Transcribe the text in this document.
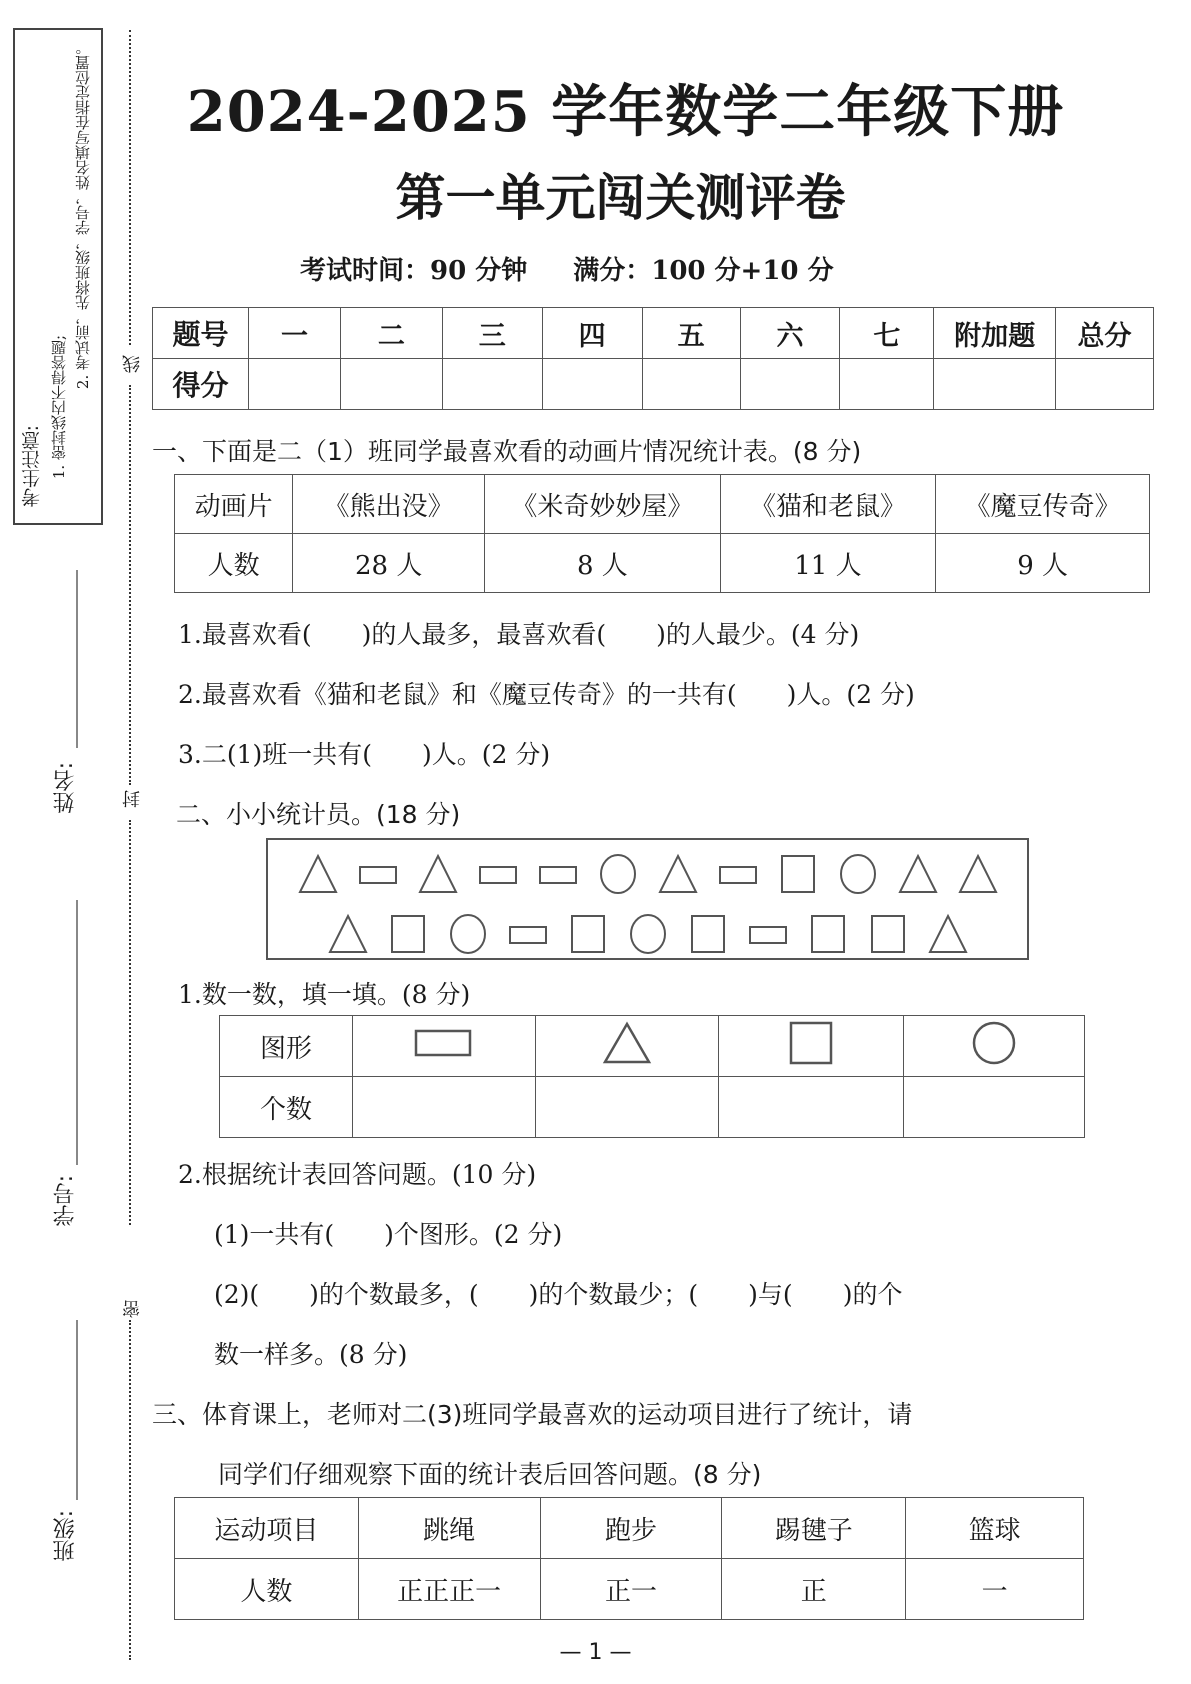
考生注意: 1. 密封线内不得答题;
2. 考试前，先将班级，学号，姓名填写在指定位置。
姓名:
学号:
班级:
线
封
密
2024-2025 学年数学二年级下册
第一单元闯关测评卷
考试时间：90 分钟 满分：100 分+10 分
题号	一	二	三	四	五	六	七	附加题	总分
得分									
一、下面是二（1）班同学最喜欢看的动画片情况统计表。(8 分)
动画片	《熊出没》	《米奇妙妙屋》	《猫和老鼠》	《魔豆传奇》
人数	28 人	8 人	11 人	9 人
1.最喜欢看(　　)的人最多，最喜欢看(　　)的人最少。(4 分)
2.最喜欢看《猫和老鼠》和《魔豆传奇》的一共有(　　)人。(2 分)
3.二(1)班一共有(　　)人。(2 分)
二、小小统计员。(18 分)
1.数一数，填一填。(8 分)
图形				
个数				
2.根据统计表回答问题。(10 分)
(1)一共有(　　)个图形。(2 分)
(2)(　　)的个数最多，(　　)的个数最少；(　　)与(　　)的个
数一样多。(8 分)
三、体育课上，老师对二(3)班同学最喜欢的运动项目进行了统计，请
同学们仔细观察下面的统计表后回答问题。(8 分)
运动项目	跳绳	跑步	踢毽子	篮球
人数	正正正一	正一	正	一
— 1 —
